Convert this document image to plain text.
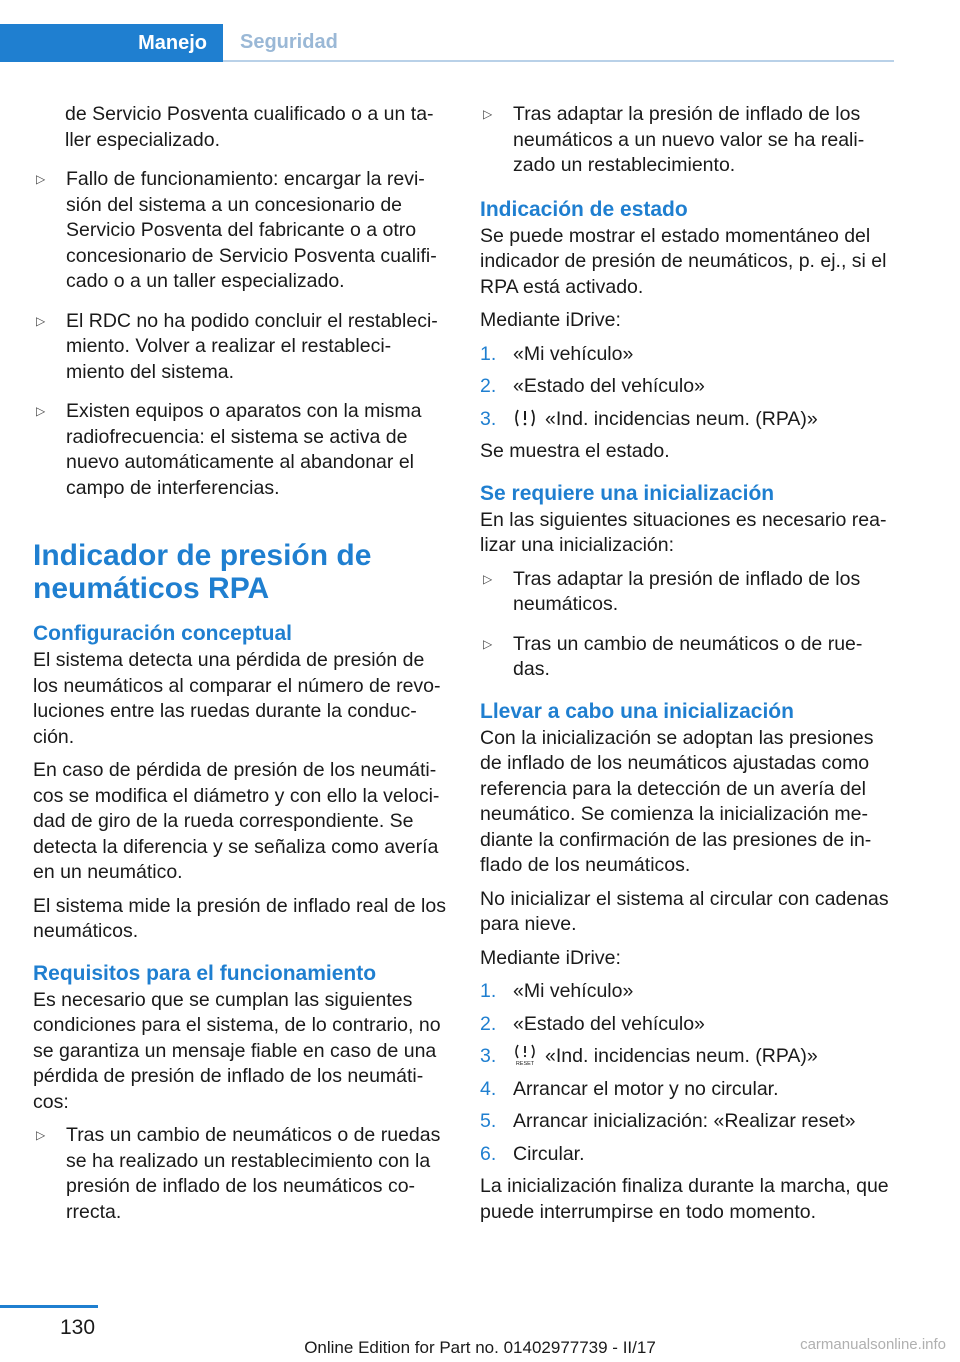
Manejo	Seguridad

de Servicio Posventa cualificado o a un ta‐ller especializado.

▷ Fallo de funcionamiento: encargar la revi‐sión del sistema a un concesionario de Servicio Posventa del fabricante o a otro concesionario de Servicio Posventa cualifi‐cado o a un taller especializado.
▷ El RDC no ha podido concluir el restableci‐miento. Volver a realizar el restableci‐miento del sistema.
▷ Existen equipos o aparatos con la misma radiofrecuencia: el sistema se activa de nuevo automáticamente al abandonar el campo de interferencias.
Indicador de presión de neumáticos RPA
Configuración conceptual

El sistema detecta una pérdida de presión de los neumáticos al comparar el número de revo‐luciones entre las ruedas durante la conduc‐ción.

En caso de pérdida de presión de los neumáti‐cos se modifica el diámetro y con ello la veloci‐dad de giro de la rueda correspondiente. Se detecta la diferencia y se señaliza como avería en un neumático.

El sistema mide la presión de inflado real de los neumáticos.

Requisitos para el funcionamiento

Es necesario que se cumplan las siguientes condiciones para el sistema, de lo contrario, no se garantiza un mensaje fiable en caso de una pérdida de presión de inflado de los neumáti‐cos:

▷ Tras un cambio de neumáticos o de ruedas se ha realizado un restablecimiento con la presión de inflado de los neumáticos co‐rrecta.
▷ Tras adaptar la presión de inflado de los neumáticos a un nuevo valor se ha reali‐zado un restablecimiento.
Indicación de estado

Se puede mostrar el estado momentáneo del indicador de presión de neumáticos, p. ej., si el RPA está activado.

Mediante iDrive:

1. «Mi vehículo»
2. «Estado del vehículo»
3. «Ind. incidencias neum. (RPA)»

Se muestra el estado.

Se requiere una inicialización

En las siguientes situaciones es necesario rea‐lizar una inicialización:

▷ Tras adaptar la presión de inflado de los neumáticos.
▷ Tras un cambio de neumáticos o de rue‐das.
Llevar a cabo una inicialización

Con la inicialización se adoptan las presiones de inflado de los neumáticos ajustadas como referencia para la detección de un avería del neumático. Se comienza la inicialización me‐diante la confirmación de las presiones de in‐flado de los neumáticos.

No inicializar el sistema al circular con cadenas para nieve.

Mediante iDrive:

1. «Mi vehículo»
2. «Estado del vehículo»
3.	RESET «Ind. incidencias neum. (RPA)»
4. Arrancar el motor y no circular.
5. Arrancar inicialización: «Realizar reset»
6. Circular.

La inicialización finaliza durante la marcha, que puede interrumpirse en todo momento.

130
Online Edition for Part no. 01402977739 - II/17	carmanualsonline.info
